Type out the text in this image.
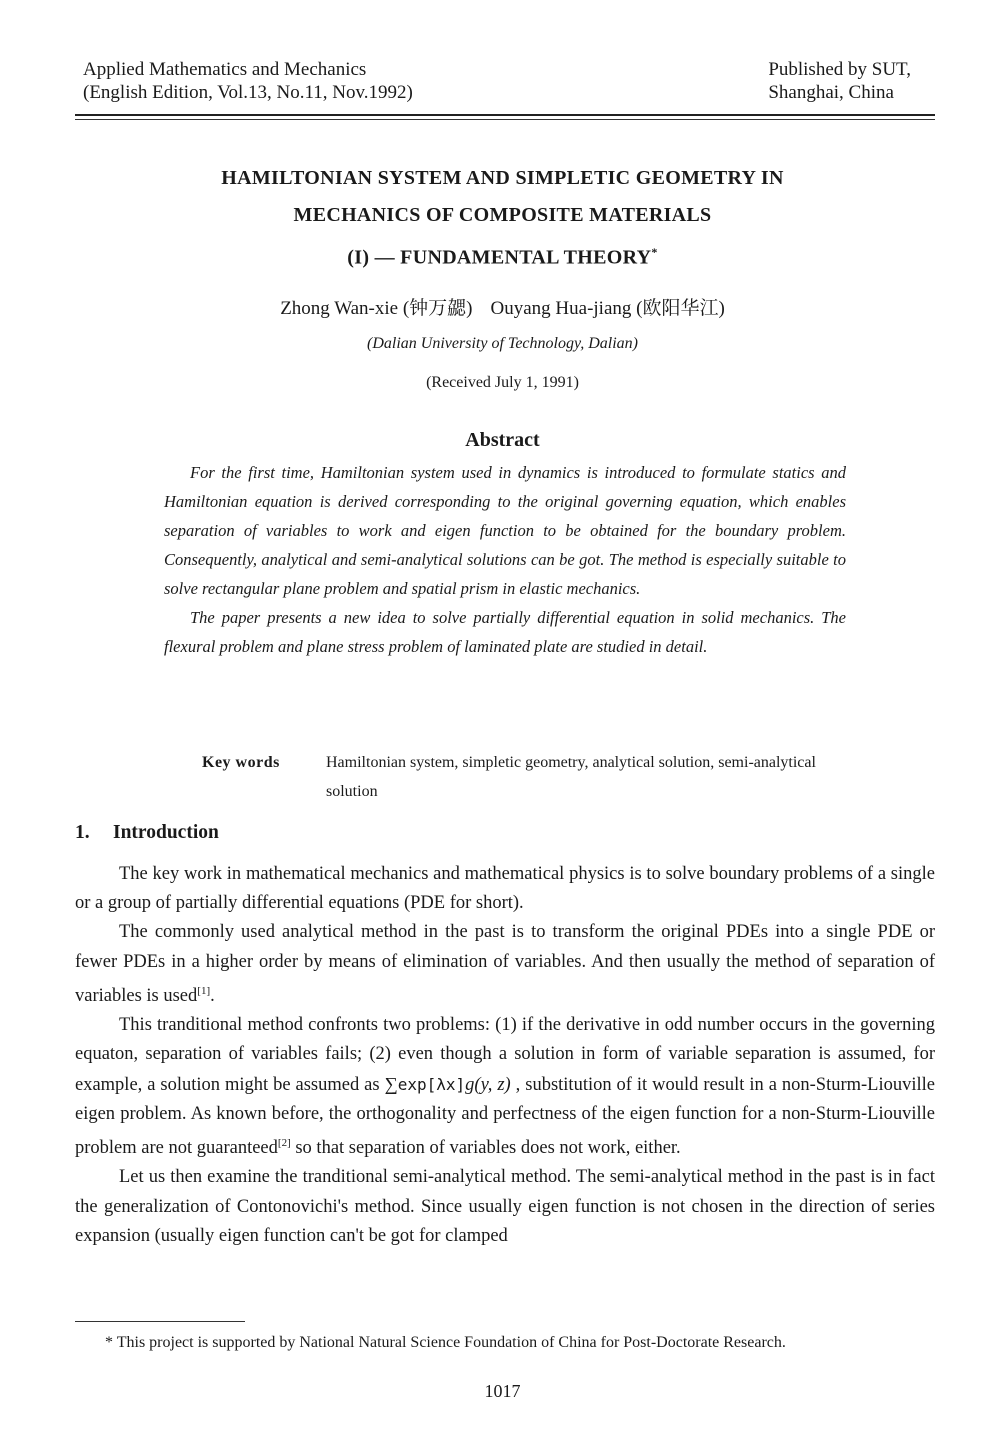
Applied Mathematics and Mechanics
(English Edition, Vol.13, No.11, Nov.1992)
Published by SUT,
Shanghai, China
HAMILTONIAN SYSTEM AND SIMPLETIC GEOMETRY IN
MECHANICS OF COMPOSITE MATERIALS
(I) — FUNDAMENTAL THEORY*
Zhong Wan-xie (钟万勰) Ouyang Hua-jiang (欧阳华江)
(Dalian University of Technology, Dalian)
(Received July 1, 1991)
Abstract

For the first time, Hamiltonian system used in dynamics is introduced to formulate statics and Hamiltonian equation is derived corresponding to the original governing equation, which enables separation of variables to work and eigen function to be obtained for the boundary problem. Consequently, analytical and semi-analytical solutions can be got. The method is especially suitable to solve rectangular plane problem and spatial prism in elastic mechanics.

The paper presents a new idea to solve partially differential equation in solid mechanics. The flexural problem and plane stress problem of laminated plate are studied in detail.

Key words	Hamiltonian system, simpletic geometry, analytical solution, semi-analytical solution
1. Introduction

The key work in mathematical mechanics and mathematical physics is to solve boundary problems of a single or a group of partially differential equations (PDE for short).

The commonly used analytical method in the past is to transform the original PDEs into a single PDE or fewer PDEs in a higher order by means of elimination of variables. And then usually the method of separation of variables is used[1].

This tranditional method confronts two problems: (1) if the derivative in odd number occurs in the governing equaton, separation of variables fails; (2) even though a solution in form of variable separation is assumed, for example, a solution might be assumed as ∑exp[λx]g(y, z) , substitution of it would result in a non-Sturm-Liouville eigen problem. As known before, the orthogonality and perfectness of the eigen function for a non-Sturm-Liouville problem are not guaranteed[2] so that separation of variables does not work, either.

Let us then examine the tranditional semi-analytical method. The semi-analytical method in the past is in fact the generalization of Contonovichi's method. Since usually eigen function is not chosen in the direction of series expansion (usually eigen function can't be got for clamped

* This project is supported by National Natural Science Foundation of China for Post-Doctorate Research.
1017
